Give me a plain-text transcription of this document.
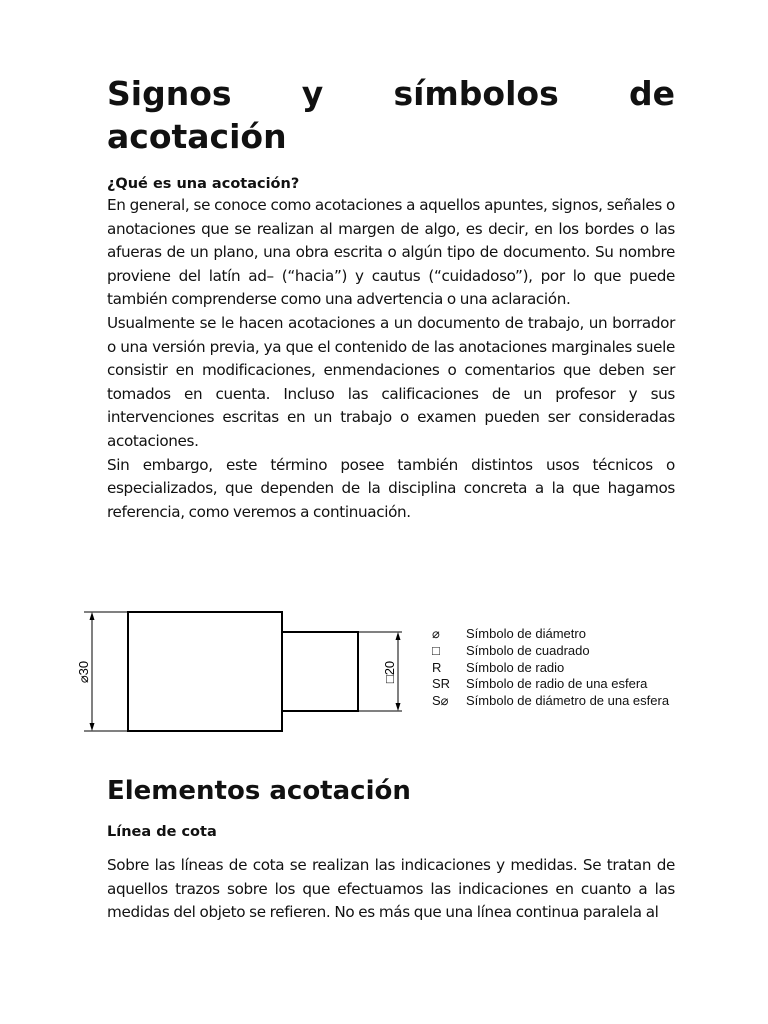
Signos y símbolos de
acotación
¿Qué es una acotación?

En general, se conoce como acotaciones a aquellos apuntes, signos, señales o anotaciones que se realizan al margen de algo, es decir, en los bordes o las afueras de un plano, una obra escrita o algún tipo de documento. Su nombre proviene del latín ad– (“hacia”) y cautus (“cuidadoso”), por lo que puede también comprenderse como una advertencia o una aclaración.

Usualmente se le hacen acotaciones a un documento de trabajo, un borrador o una versión previa, ya que el contenido de las anotaciones marginales suele consistir en modificaciones, enmendaciones o comentarios que deben ser tomados en cuenta. Incluso las calificaciones de un profesor y sus intervenciones escritas en un trabajo o examen pueden ser consideradas acotaciones.

Sin embargo, este término posee también distintos usos técnicos o especializados, que dependen de la disciplina concreta a la que hagamos referencia, como veremos a continuación.

⌀30	□20
⌀	Símbolo de diámetro
□	Símbolo de cuadrado
R	Símbolo de radio
SR	Símbolo de radio de una esfera
S⌀	Símbolo de diámetro de una esfera
Elementos acotación
Línea de cota

Sobre las líneas de cota se realizan las indicaciones y medidas. Se tratan de aquellos trazos sobre los que efectuamos las indicaciones en cuanto a las medidas del objeto se refieren. No es más que una línea continua paralela al
